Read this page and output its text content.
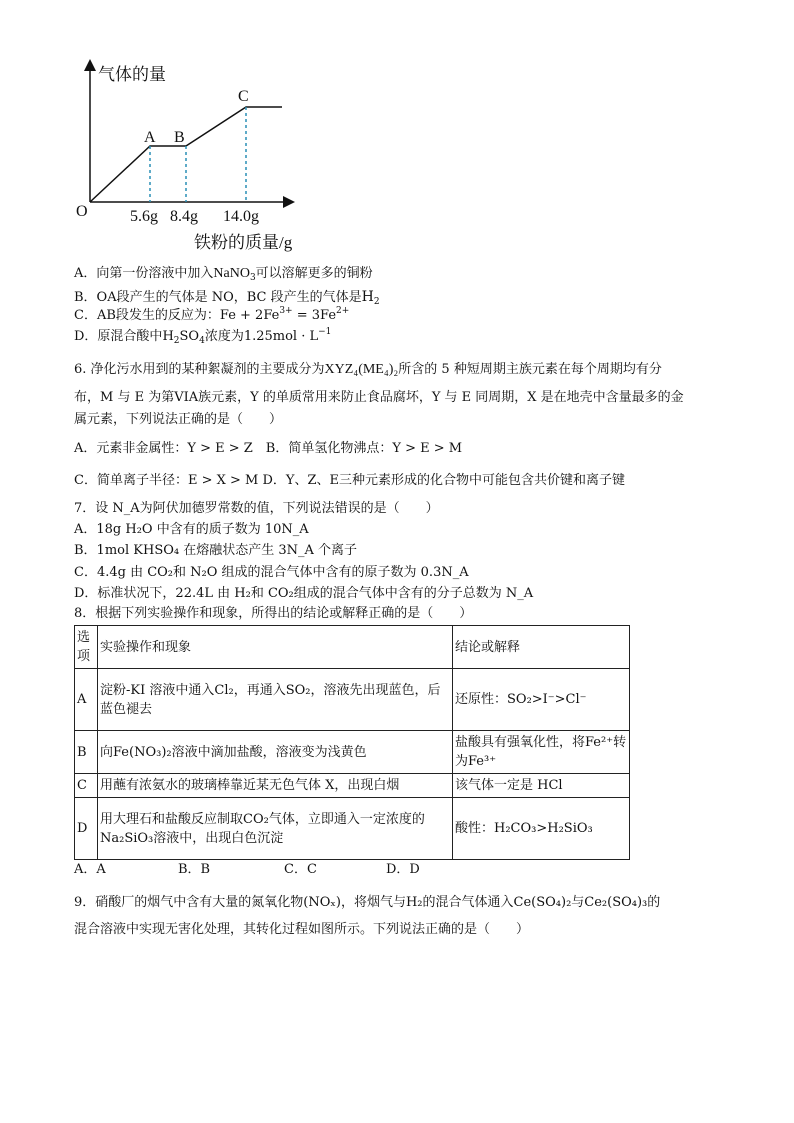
气体的量
O
A B
C
5.6g 8.4g 14.0g
铁粉的质量/g
A．向第一份溶液中加入NaNO$_3$可以溶解更多的铜粉
B．OA段产生的气体是 NO，BC 段产生的气体是$H_2$
C．AB段发生的反应为：$Fe + 2Fe^{3+} = 3Fe^{2+}$
D．原混合酸中$H_2SO_4$浓度为$1.25mol \cdot L^{-1}$
6. 净化污水用到的某种絮凝剂的主要成分为XYZ₄(ME₄)₂所含的 5 种短周期主族元素在每个周期均有分
布，M 与 E 为第VIA族元素，Y 的单质常用来防止食品腐坏，Y 与 E 同周期，X 是在地壳中含量最多的金
属元素，下列说法正确的是（　　）
A．元素非金属性：Y > E > Z　B．简单氢化物沸点：Y > E > M
C．简单离子半径：E > X > M D．Y、Z、E三种元素形成的化合物中可能包含共价键和离子键
7．设 N_A为阿伏加德罗常数的值，下列说法错误的是（　　）
A．18g H₂O 中含有的质子数为 10N_A
B．1mol KHSO₄ 在熔融状态产生 3N_A 个离子
C．4.4g 由 CO₂和 N₂O 组成的混合气体中含有的原子数为 0.3N_A
D．标准状况下，22.4L 由 H₂和 CO₂组成的混合气体中含有的分子总数为 N_A
8．根据下列实验操作和现象，所得出的结论或解释正确的是（　　）
选项	实验操作和现象	结论或解释
A	淀粉-KI 溶液中通入Cl₂，再通入SO₂，溶液先出现蓝色，后蓝色褪去	还原性：SO₂>I⁻>Cl⁻
B	向Fe(NO₃)₂溶液中滴加盐酸，溶液变为浅黄色	盐酸具有强氧化性，将Fe²⁺转为Fe³⁺
C	用蘸有浓氨水的玻璃棒靠近某无色气体 X，出现白烟	该气体一定是 HCl
D	用大理石和盐酸反应制取CO₂气体，立即通入一定浓度的Na₂SiO₃溶液中，出现白色沉淀	酸性：H₂CO₃>H₂SiO₃
A．A	B．B	C．C	D．D
9．硝酸厂的烟气中含有大量的氮氧化物(NOₓ)，将烟气与H₂的混合气体通入Ce(SO₄)₂与Ce₂(SO₄)₃的
混合溶液中实现无害化处理，其转化过程如图所示。下列说法正确的是（　　）
